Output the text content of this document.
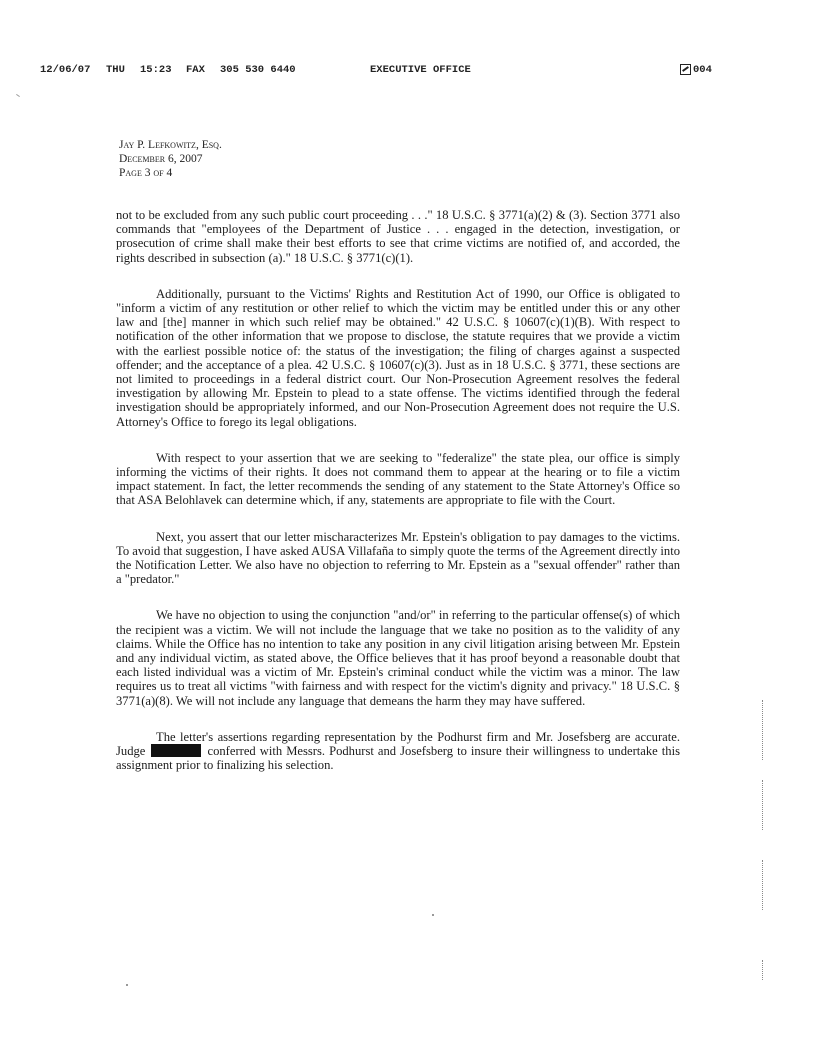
12/06/07 THU 15:23 FAX 305 530 6440	EXECUTIVE OFFICE	004
Jay P. Lefkowitz, Esq.
December 6, 2007
Page 3 of 4

not to be excluded from any such public court proceeding . . ." 18 U.S.C. § 3771(a)(2) & (3). Section 3771 also commands that "employees of the Department of Justice . . . engaged in the detection, investigation, or prosecution of crime shall make their best efforts to see that crime victims are notified of, and accorded, the rights described in subsection (a)." 18 U.S.C. § 3771(c)(1).

Additionally, pursuant to the Victims' Rights and Restitution Act of 1990, our Office is obligated to "inform a victim of any restitution or other relief to which the victim may be entitled under this or any other law and [the] manner in which such relief may be obtained." 42 U.S.C. § 10607(c)(1)(B). With respect to notification of the other information that we propose to disclose, the statute requires that we provide a victim with the earliest possible notice of: the status of the investigation; the filing of charges against a suspected offender; and the acceptance of a plea. 42 U.S.C. § 10607(c)(3). Just as in 18 U.S.C. § 3771, these sections are not limited to proceedings in a federal district court. Our Non-Prosecution Agreement resolves the federal investigation by allowing Mr. Epstein to plead to a state offense. The victims identified through the federal investigation should be appropriately informed, and our Non-Prosecution Agreement does not require the U.S. Attorney's Office to forego its legal obligations.

With respect to your assertion that we are seeking to "federalize" the state plea, our office is simply informing the victims of their rights. It does not command them to appear at the hearing or to file a victim impact statement. In fact, the letter recommends the sending of any statement to the State Attorney's Office so that ASA Belohlavek can determine which, if any, statements are appropriate to file with the Court.

Next, you assert that our letter mischaracterizes Mr. Epstein's obligation to pay damages to the victims. To avoid that suggestion, I have asked AUSA Villafaña to simply quote the terms of the Agreement directly into the Notification Letter. We also have no objection to referring to Mr. Epstein as a "sexual offender" rather than a "predator."

We have no objection to using the conjunction "and/or" in referring to the particular offense(s) of which the recipient was a victim. We will not include the language that we take no position as to the validity of any claims. While the Office has no intention to take any position in any civil litigation arising between Mr. Epstein and any individual victim, as stated above, the Office believes that it has proof beyond a reasonable doubt that each listed individual was a victim of Mr. Epstein's criminal conduct while the victim was a minor. The law requires us to treat all victims "with fairness and with respect for the victim's dignity and privacy." 18 U.S.C. § 3771(a)(8). We will not include any language that demeans the harm they may have suffered.

The letter's assertions regarding representation by the Podhurst firm and Mr. Josefsberg are accurate. Judge	conferred with Messrs. Podhurst and Josefsberg to insure their willingness to undertake this assignment prior to finalizing his selection.
